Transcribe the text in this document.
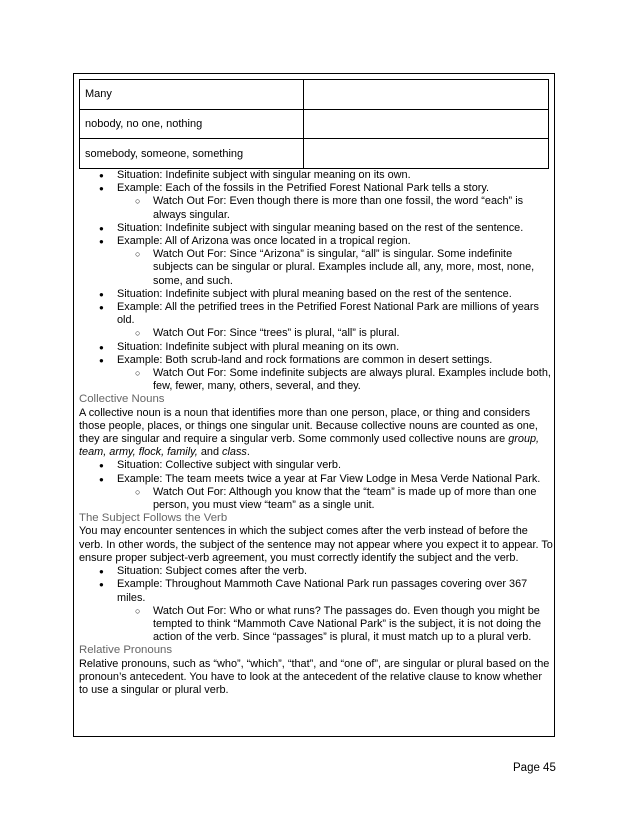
Many	
nobody, no one, nothing	
somebody, someone, something	
● Situation: Indefinite subject with singular meaning on its own.
● Example: Each of the fossils in the Petrified Forest National Park tells a story.
○ Watch Out For: Even though there is more than one fossil, the word “each” is always singular.
● Situation: Indefinite subject with singular meaning based on the rest of the sentence.
● Example: All of Arizona was once located in a tropical region.
○ Watch Out For: Since “Arizona” is singular, “all” is singular. Some indefinite subjects can be singular or plural. Examples include all, any, more, most, none, some, and such.
● Situation: Indefinite subject with plural meaning based on the rest of the sentence.
● Example: All the petrified trees in the Petrified Forest National Park are millions of years old.
○ Watch Out For: Since “trees” is plural, “all” is plural.
● Situation: Indefinite subject with plural meaning on its own.
● Example: Both scrub-land and rock formations are common in desert settings.
○ Watch Out For: Some indefinite subjects are always plural. Examples include both, few, fewer, many, others, several, and they.

Collective Nouns

A collective noun is a noun that identifies more than one person, place, or thing and considers those people, places, or things one singular unit. Because collective nouns are counted as one, they are singular and require a singular verb. Some commonly used collective nouns are group, team, army, flock, family, and class.

● Situation: Collective subject with singular verb.
● Example: The team meets twice a year at Far View Lodge in Mesa Verde National Park.
○ Watch Out For: Although you know that the “team” is made up of more than one person, you must view “team” as a single unit.

The Subject Follows the Verb

You may encounter sentences in which the subject comes after the verb instead of before the verb. In other words, the subject of the sentence may not appear where you expect it to appear. To ensure proper subject-verb agreement, you must correctly identify the subject and the verb.

● Situation: Subject comes after the verb.
● Example: Throughout Mammoth Cave National Park run passages covering over 367 miles.
○ Watch Out For: Who or what runs? The passages do. Even though you might be tempted to think “Mammoth Cave National Park” is the subject, it is not doing the action of the verb. Since “passages” is plural, it must match up to a plural verb.

Relative Pronouns

Relative pronouns, such as “who”, “which”, “that”, and “one of”, are singular or plural based on the pronoun’s antecedent. You have to look at the antecedent of the relative clause to know whether to use a singular or plural verb.

Page 45
